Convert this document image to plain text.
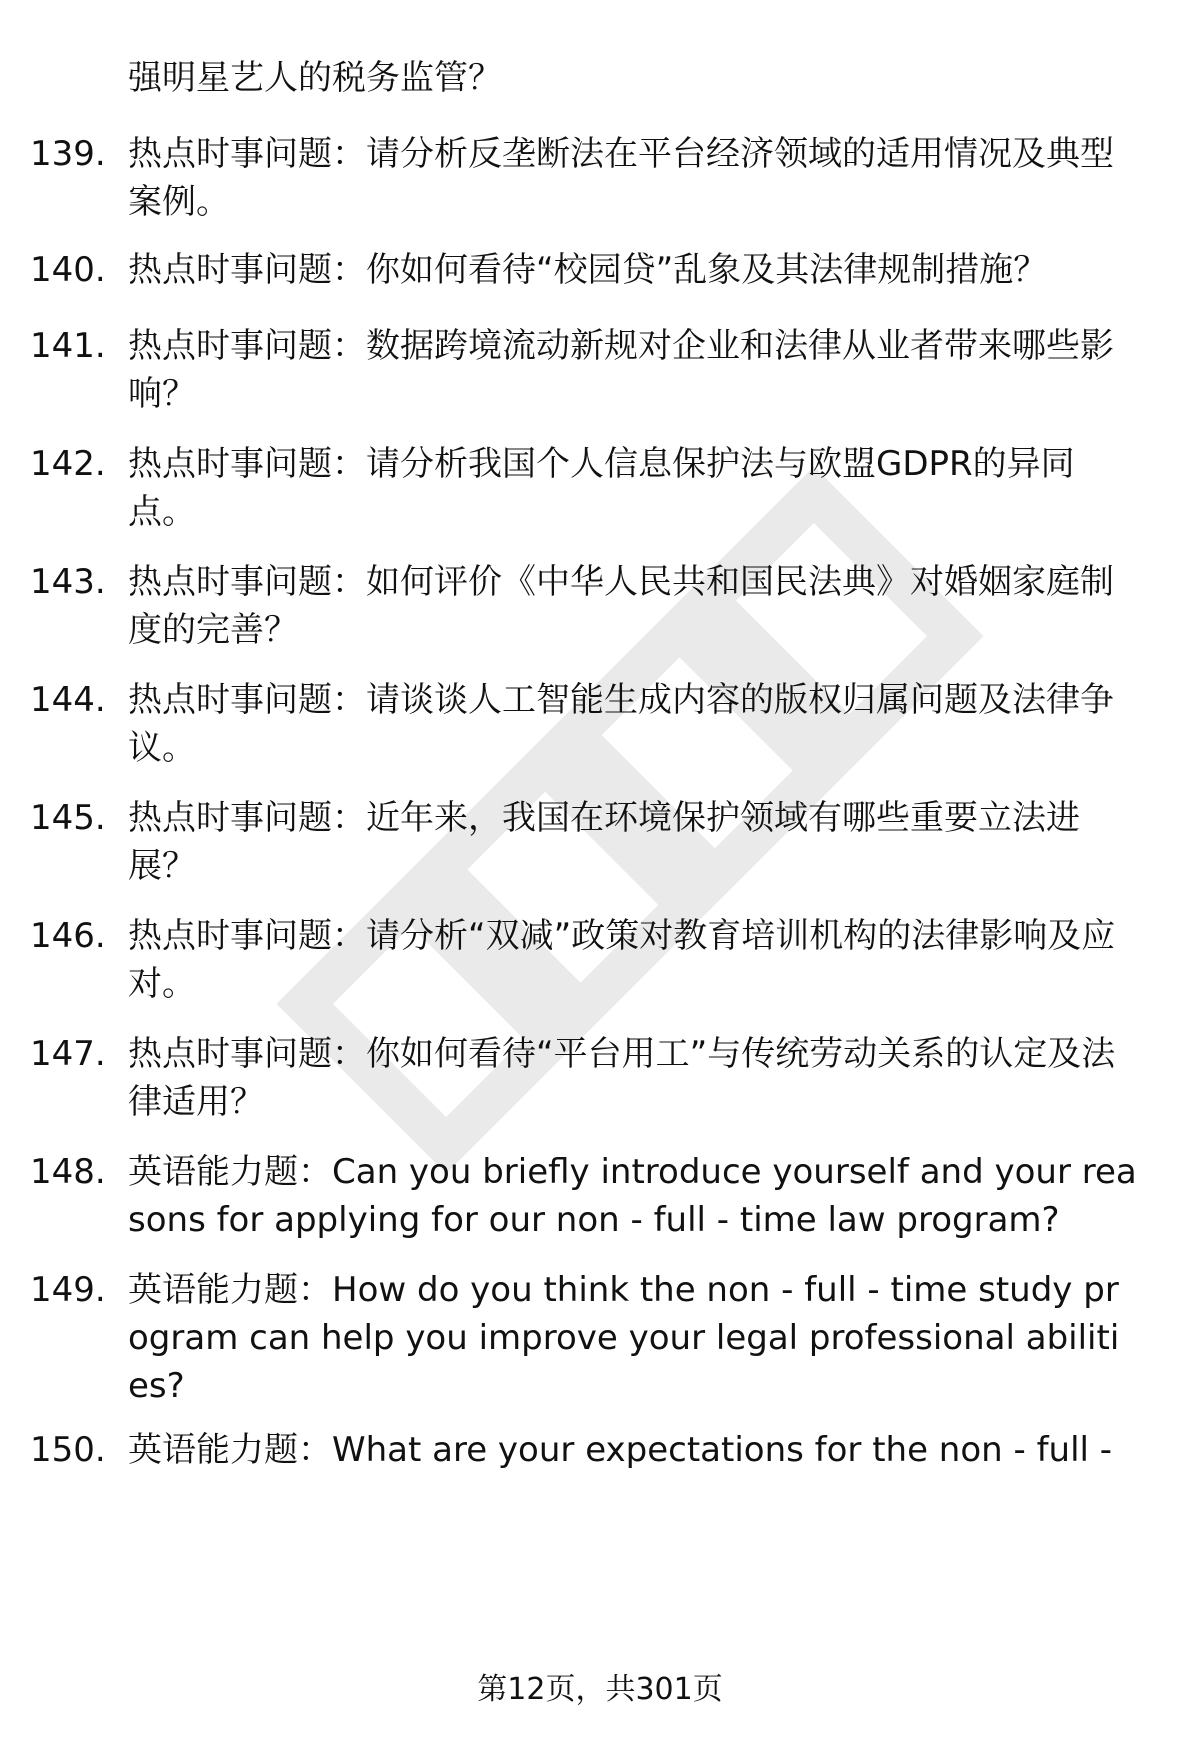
强明星艺人的税务监管？
139. 热点时事问题：请分析反垄断法在平台经济领域的适用情况及典型案例。
140. 热点时事问题：你如何看待“校园贷”乱象及其法律规制措施？
141. 热点时事问题：数据跨境流动新规对企业和法律从业者带来哪些影响？
142. 热点时事问题：请分析我国个人信息保护法与欧盟GDPR的异同点。
143. 热点时事问题：如何评价《中华人民共和国民法典》对婚姻家庭制度的完善？
144. 热点时事问题：请谈谈人工智能生成内容的版权归属问题及法律争议。
145. 热点时事问题：近年来，我国在环境保护领域有哪些重要立法进展？
146. 热点时事问题：请分析“双减”政策对教育培训机构的法律影响及应对。
147. 热点时事问题：你如何看待“平台用工”与传统劳动关系的认定及法律适用？
148. 英语能力题：Can you briefly introduce yourself and your reasons for applying for our non - full - time law program?
149. 英语能力题：How do you think the non - full - time study program can help you improve your legal professional abilities?
150. 英语能力题：What are your expectations for the non - full -
第12页，共301页
